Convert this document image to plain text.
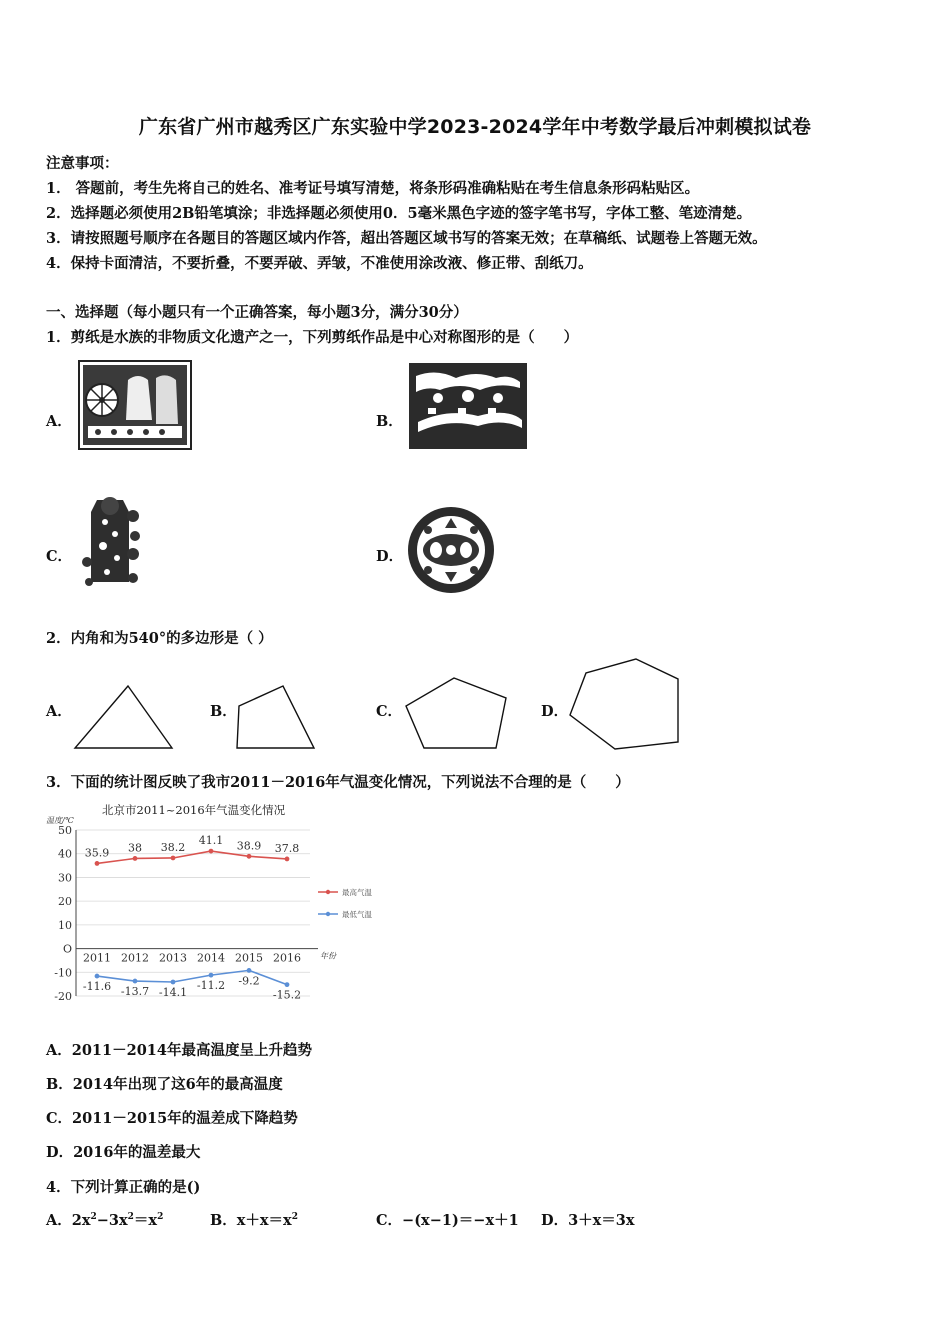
广东省广州市越秀区广东实验中学2023-2024学年中考数学最后冲刺模拟试卷
注意事项：
1． 答题前，考生先将自己的姓名、准考证号填写清楚，将条形码准确粘贴在考生信息条形码粘贴区。
2．选择题必须使用2B铅笔填涂；非选择题必须使用0．5毫米黑色字迹的签字笔书写，字体工整、笔迹清楚。
3．请按照题号顺序在各题目的答题区域内作答，超出答题区域书写的答案无效；在草稿纸、试题卷上答题无效。
4．保持卡面清洁，不要折叠，不要弄破、弄皱，不准使用涂改液、修正带、刮纸刀。
一、选择题（每小题只有一个正确答案，每小题3分，满分30分）
1．剪纸是水族的非物质文化遗产之一，下列剪纸作品是中心对称图形的是（　　）
A．	B．
C．	D．
2．内角和为540°的多边形是（ ）
A．	B．	C．	D．
3．下面的统计图反映了我市2011－2016年气温变化情况，下列说法不合理的是（　　）
北京市2011~2016年气温变化情况
温度/℃
年份
50
40
30
20
10
O
-10
-20
2011 2012 2013 2014 2015 2016
35.9 38 38.2
41.1 38.9 37.8
-11.6 -13.7 -14.1
-11.2 -9.2
-15.2
最高气温
最低气温
A．2011－2014年最高温度呈上升趋势
B．2014年出现了这6年的最高温度
C．2011－2015年的温差成下降趋势
D．2016年的温差最大
4．下列计算正确的是()
A．$2x^2-3x^2=x^2$	B．$x+x=x^2$	C．−(x−1)＝−x＋1 D．3＋x＝3x
